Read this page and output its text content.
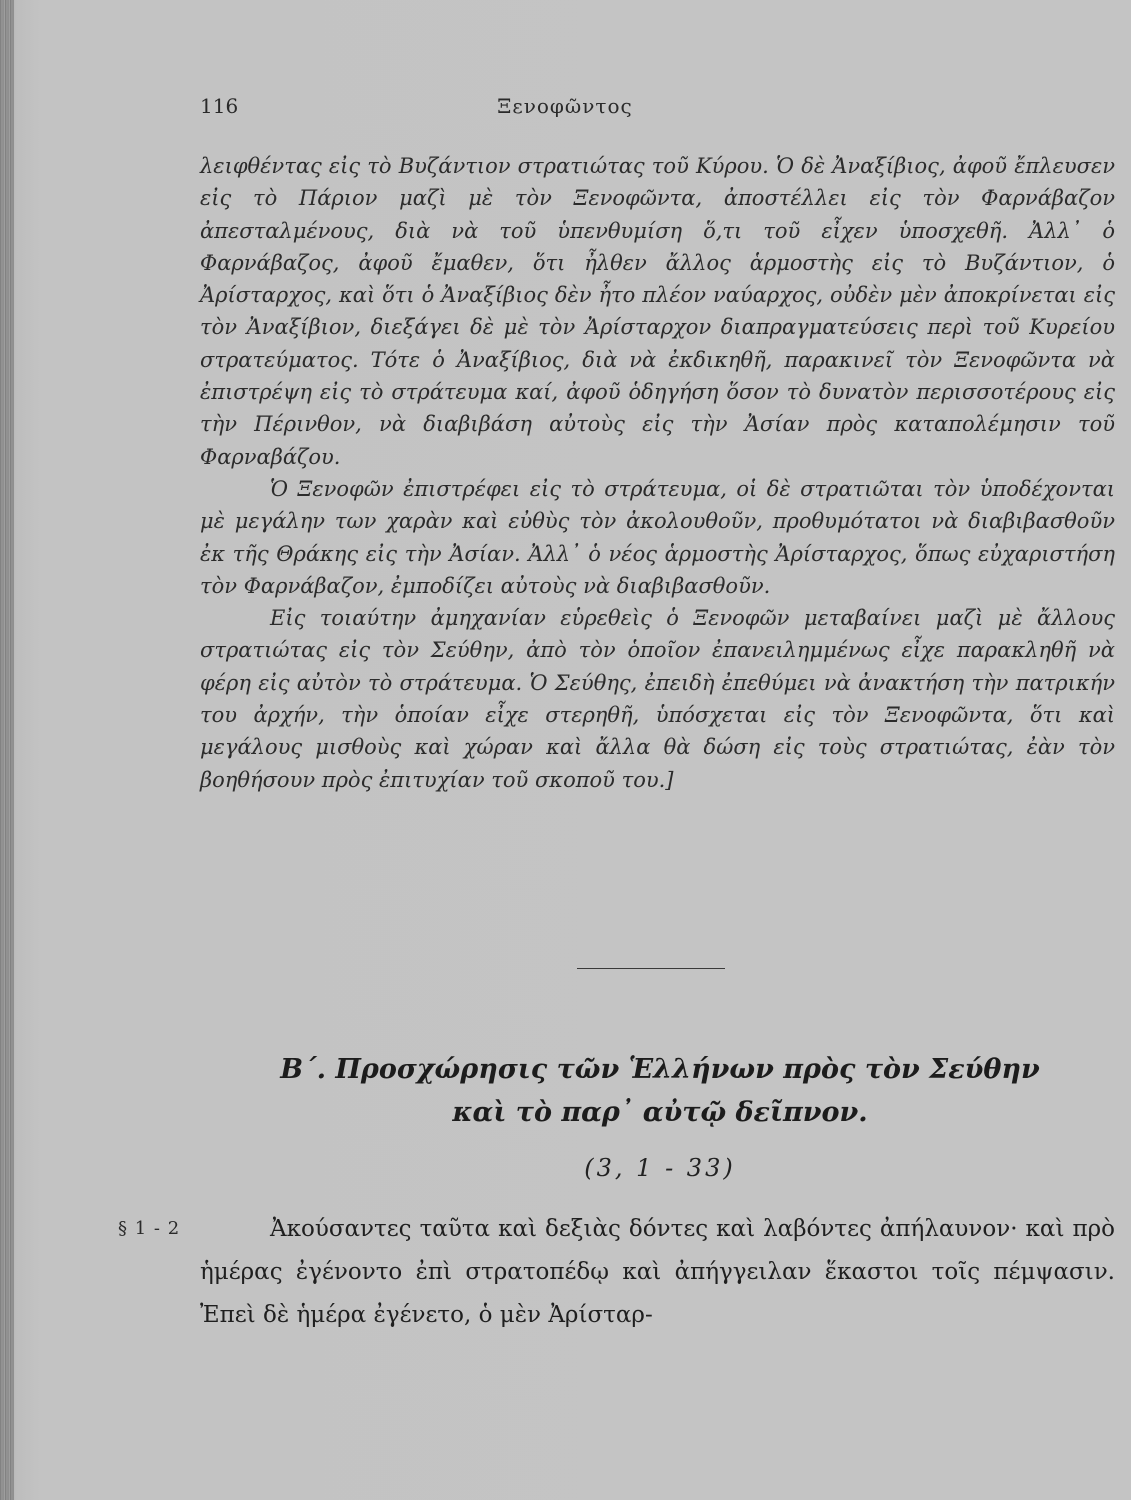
116	Ξενοφῶντος

λειφθέντας εἰς τὸ Βυζάντιον στρατιώτας τοῦ Κύρου. Ὁ δὲ Ἀναξίβιος, ἀφοῦ ἔπλευσεν εἰς τὸ Πάριον μαζὶ μὲ τὸν Ξενοφῶντα, ἀποστέλλει εἰς τὸν Φαρνάβαζον ἀπεσταλμένους, διὰ νὰ τοῦ ὑπενθυμίση ὅ,τι τοῦ εἶχεν ὑποσχεθῆ. Ἀλλ᾽ ὁ Φαρνάβαζος, ἀφοῦ ἔμαθεν, ὅτι ἦλθεν ἄλλος ἁρμοστὴς εἰς τὸ Βυζάντιον, ὁ Ἀρίσταρχος, καὶ ὅτι ὁ Ἀναξίβιος δὲν ἦτο πλέον ναύαρχος, οὐδὲν μὲν ἀποκρίνεται εἰς τὸν Ἀναξίβιον, διεξάγει δὲ μὲ τὸν Ἀρίσταρχον διαπραγματεύσεις περὶ τοῦ Κυρείου στρατεύματος. Τότε ὁ Ἀναξίβιος, διὰ νὰ ἐκδικηθῆ, παρακινεῖ τὸν Ξενοφῶντα νὰ ἐπιστρέψη εἰς τὸ στράτευμα καί, ἀφοῦ ὁδηγήση ὅσον τὸ δυνατὸν περισσοτέρους εἰς τὴν Πέρινθον, νὰ διαβιβάση αὐτοὺς εἰς τὴν Ἀσίαν πρὸς καταπολέμησιν τοῦ Φαρναβάζου.

Ὁ Ξενοφῶν ἐπιστρέφει εἰς τὸ στράτευμα, οἱ δὲ στρατιῶται τὸν ὑποδέχονται μὲ μεγάλην των χαρὰν καὶ εὐθὺς τὸν ἀκολουθοῦν, προθυμότατοι νὰ διαβιβασθοῦν ἐκ τῆς Θράκης εἰς τὴν Ἀσίαν. Ἀλλ᾽ ὁ νέος ἁρμοστὴς Ἀρίσταρχος, ὅπως εὐχαριστήση τὸν Φαρνάβαζον, ἐμποδίζει αὐτοὺς νὰ διαβιβασθοῦν.

Εἰς τοιαύτην ἀμηχανίαν εὑρεθεὶς ὁ Ξενοφῶν μεταβαίνει μαζὶ μὲ ἄλλους στρατιώτας εἰς τὸν Σεύθην, ἀπὸ τὸν ὁποῖον ἐπανειλημμένως εἶχε παρακληθῆ νὰ φέρη εἰς αὐτὸν τὸ στράτευμα. Ὁ Σεύθης, ἐπειδὴ ἐπεθύμει νὰ ἀνακτήση τὴν πατρικήν του ἀρχήν, τὴν ὁποίαν εἶχε στερηθῆ, ὑπόσχεται εἰς τὸν Ξενοφῶντα, ὅτι καὶ μεγάλους μισθοὺς καὶ χώραν καὶ ἄλλα θὰ δώση εἰς τοὺς στρατιώτας, ἐὰν τὸν βοηθήσουν πρὸς ἐπιτυχίαν τοῦ σκοποῦ του.]

Β΄. Προσχώρησις τῶν Ἑλλήνων πρὸς τὸν Σεύθην
καὶ τὸ παρ᾽ αὐτῷ δεῖπνον.
(3, 1 - 33)
§ 1 - 2	Ἀκούσαντες ταῦτα καὶ δεξιὰς δόντες καὶ λαβόντες ἀπήλαυνον· καὶ πρὸ ἡμέρας ἐγένοντο ἐπὶ στρατοπέδῳ καὶ ἀπήγγειλαν ἕκαστοι τοῖς πέμψασιν. Ἐπεὶ δὲ ἡμέρα ἐγένετο, ὁ μὲν Ἀρίσταρ-
